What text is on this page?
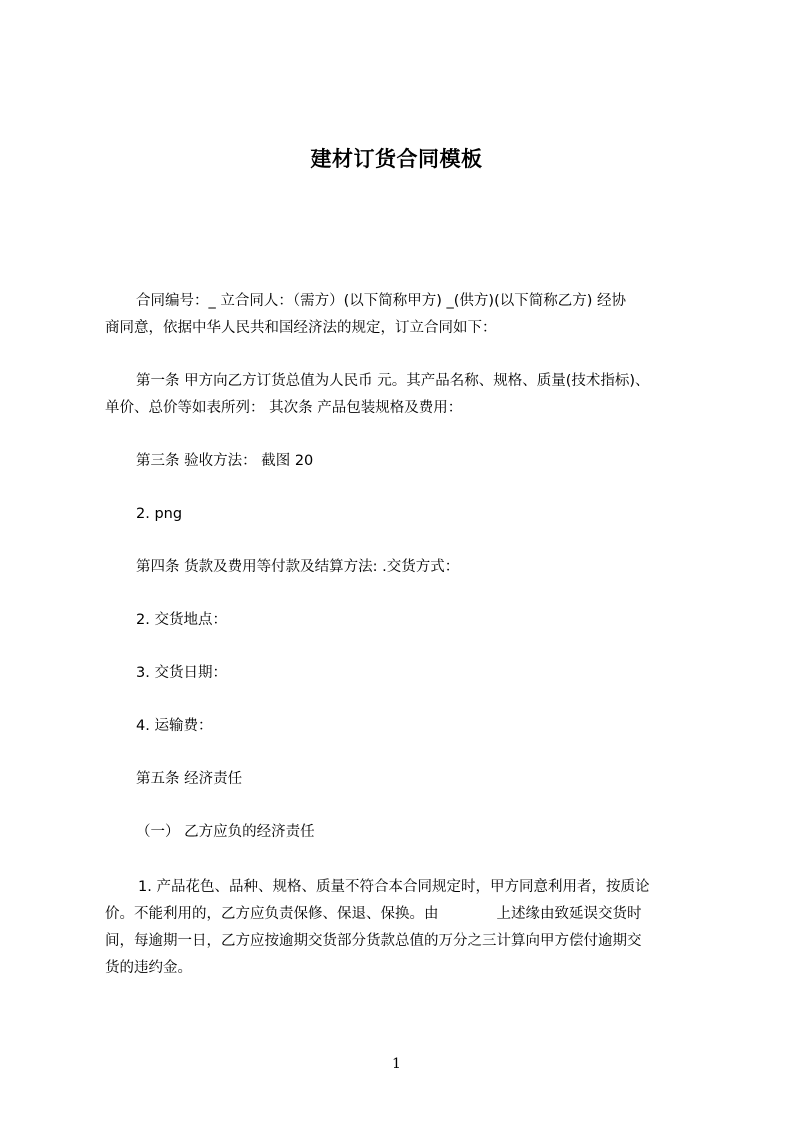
建材订货合同模板
合同编号：_ 立合同人：（需方）(以下简称甲方) _(供方)(以下简称乙方) 经协
商同意，依据中华人民共和国经济法的规定，订立合同如下：
第一条 甲方向乙方订货总值为人民币 元。其产品名称、规格、质量(技术指标)、
单价、总价等如表所列： 其次条 产品包装规格及费用：
第三条 验收方法： 截图 20
2. png
第四条 货款及费用等付款及结算方法: .交货方式：
2. 交货地点：
3. 交货日期：
4. 运输费：
第五条 经济责任
（一） 乙方应负的经济责任
1. 产品花色、品种、规格、质量不符合本合同规定时，甲方同意利用者，按质论
价。不能利用的，乙方应负责保修、保退、保换。由　　　　上述缘由致延误交货时
间，每逾期一日，乙方应按逾期交货部分货款总值的万分之三计算向甲方偿付逾期交
货的违约金。
1
